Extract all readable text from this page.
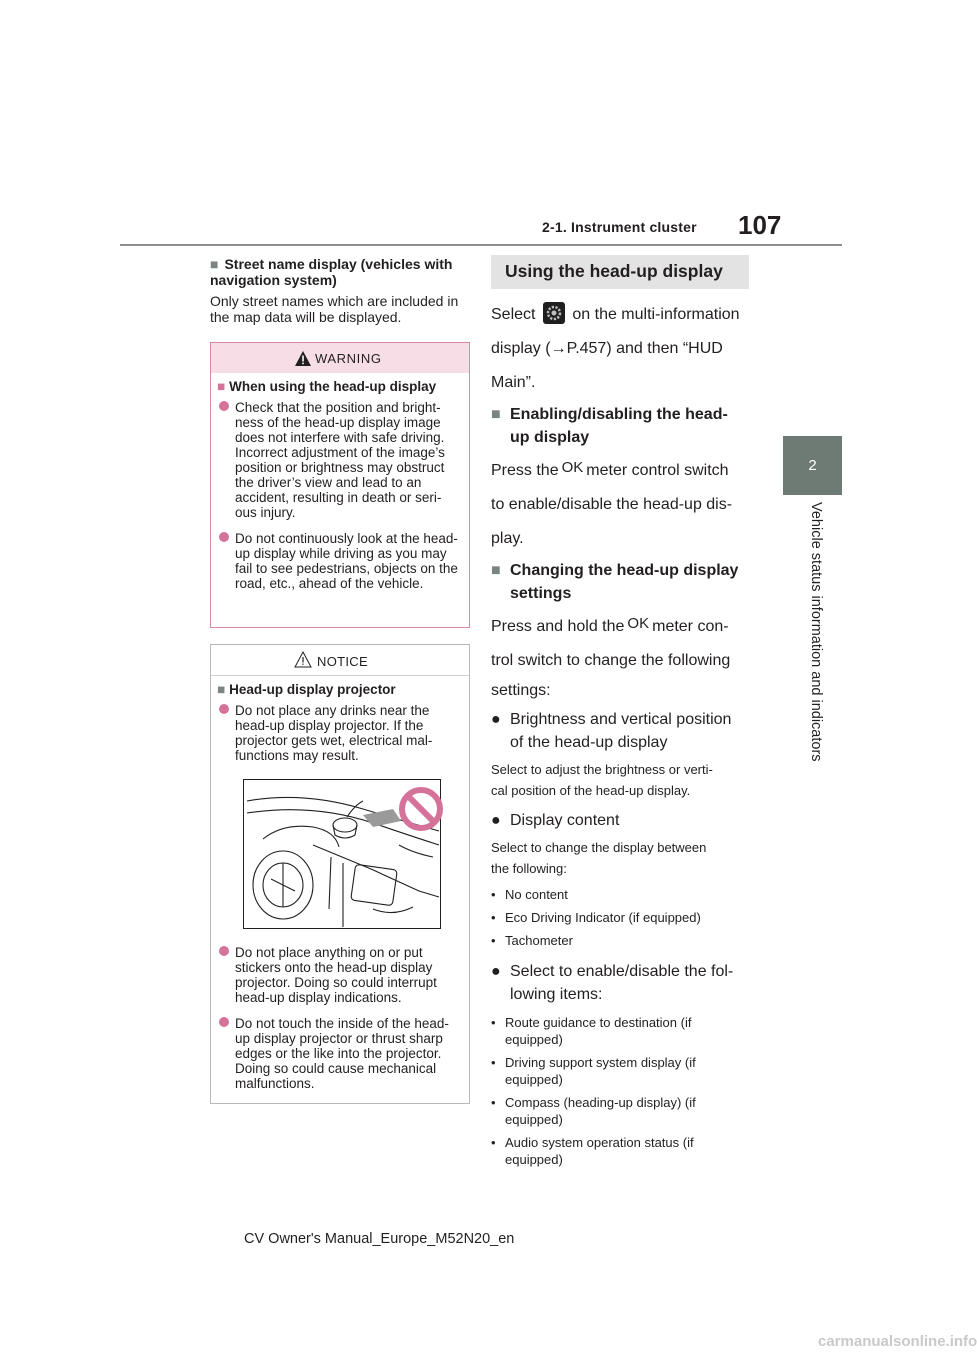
2-1. Instrument cluster 107
2
Vehicle status information and indicators
■ Street name display (vehicles with navigation system)
Only street names which are included in the map data will be displayed.
WARNING
■ When using the head-up display
Check that the position and bright-ness of the head-up display image does not interfere with safe driving. Incorrect adjustment of the image’s position or brightness may obstruct the driver’s view and lead to an accident, resulting in death or seri-ous injury.
Do not continuously look at the head-up display while driving as you may fail to see pedestrians, objects on the road, etc., ahead of the vehicle.
NOTICE
■ Head-up display projector
Do not place any drinks near the head-up display projector. If the projector gets wet, electrical mal-functions may result.
Do not place anything on or put stickers onto the head-up display projector. Doing so could interrupt head-up display indications.
Do not touch the inside of the head-up display projector or thrust sharp edges or the like into the projector. Doing so could cause mechanical malfunctions.
Using the head-up display
Select on the multi-information
display (→P.457) and then “HUD
Main”.
■ Enabling/disabling the head-
up display
Press the OK meter control switch
to enable/disable the head-up dis-
play.
■ Changing the head-up display
settings
Press and hold the OK meter con-
trol switch to change the following
settings:
● Brightness and vertical position
of the head-up display
Select to adjust the brightness or verti-
cal position of the head-up display.
● Display content
Select to change the display between
the following:
• No content
• Eco Driving Indicator (if equipped)
• Tachometer
● Select to enable/disable the fol-
lowing items:
• Route guidance to destination (if equipped)
• Driving support system display (if equipped)
• Compass (heading-up display) (if equipped)
• Audio system operation status (if equipped)
CV Owner's Manual_Europe_M52N20_en
carmanualsonline.info
